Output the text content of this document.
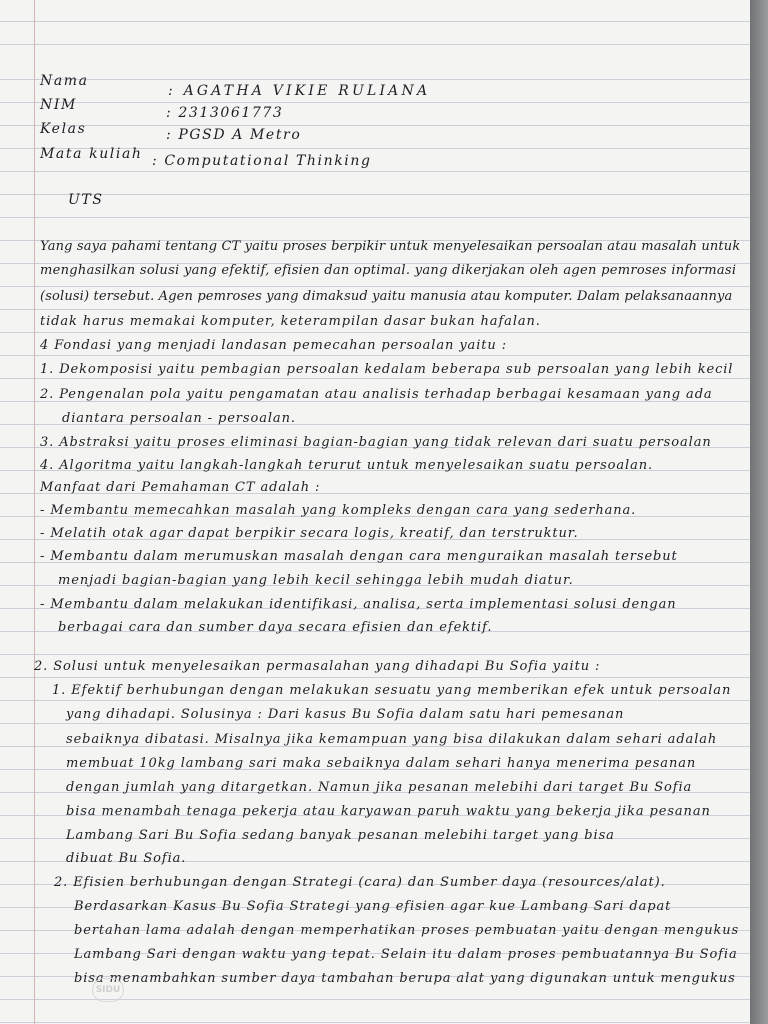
Nama
: AGATHA VIKIE RULIANA
NIM	: 2313061773
Kelas	: PGSD A Metro
Mata kuliah : Computational Thinking
UTS
Yang saya pahami tentang CT yaitu proses berpikir untuk menyelesaikan persoalan atau masalah untuk
menghasilkan solusi yang efektif, efisien dan optimal. yang dikerjakan oleh agen pemroses informasi
(solusi) tersebut. Agen pemroses yang dimaksud yaitu manusia atau komputer. Dalam pelaksanaannya
tidak harus memakai komputer, keterampilan dasar bukan hafalan.
4 Fondasi yang menjadi landasan pemecahan persoalan yaitu :
1. Dekomposisi yaitu pembagian persoalan kedalam beberapa sub persoalan yang lebih kecil
2. Pengenalan pola yaitu pengamatan atau analisis terhadap berbagai kesamaan yang ada
diantara persoalan - persoalan.
3. Abstraksi yaitu proses eliminasi bagian-bagian yang tidak relevan dari suatu persoalan
4. Algoritma yaitu langkah-langkah terurut untuk menyelesaikan suatu persoalan.
Manfaat dari Pemahaman CT adalah :
- Membantu memecahkan masalah yang kompleks dengan cara yang sederhana.
- Melatih otak agar dapat berpikir secara logis, kreatif, dan terstruktur.
- Membantu dalam merumuskan masalah dengan cara menguraikan masalah tersebut
menjadi bagian-bagian yang lebih kecil sehingga lebih mudah diatur.
- Membantu dalam melakukan identifikasi, analisa, serta implementasi solusi dengan
berbagai cara dan sumber daya secara efisien dan efektif.
2. Solusi untuk menyelesaikan permasalahan yang dihadapi Bu Sofia yaitu :
1. Efektif berhubungan dengan melakukan sesuatu yang memberikan efek untuk persoalan
yang dihadapi. Solusinya : Dari kasus Bu Sofia dalam satu hari pemesanan
sebaiknya dibatasi. Misalnya jika kemampuan yang bisa dilakukan dalam sehari adalah
membuat 10kg lambang sari maka sebaiknya dalam sehari hanya menerima pesanan
dengan jumlah yang ditargetkan. Namun jika pesanan melebihi dari target Bu Sofia
bisa menambah tenaga pekerja atau karyawan paruh waktu yang bekerja jika pesanan
Lambang Sari Bu Sofia sedang banyak pesanan melebihi target yang bisa
dibuat Bu Sofia.
2. Efisien berhubungan dengan Strategi (cara) dan Sumber daya (resources/alat).
Berdasarkan Kasus Bu Sofia Strategi yang efisien agar kue Lambang Sari dapat
bertahan lama adalah dengan memperhatikan proses pembuatan yaitu dengan mengukus
Lambang Sari dengan waktu yang tepat. Selain itu dalam proses pembuatannya Bu Sofia
bisa menambahkan sumber daya tambahan berupa alat yang digunakan untuk mengukus
SIDU
